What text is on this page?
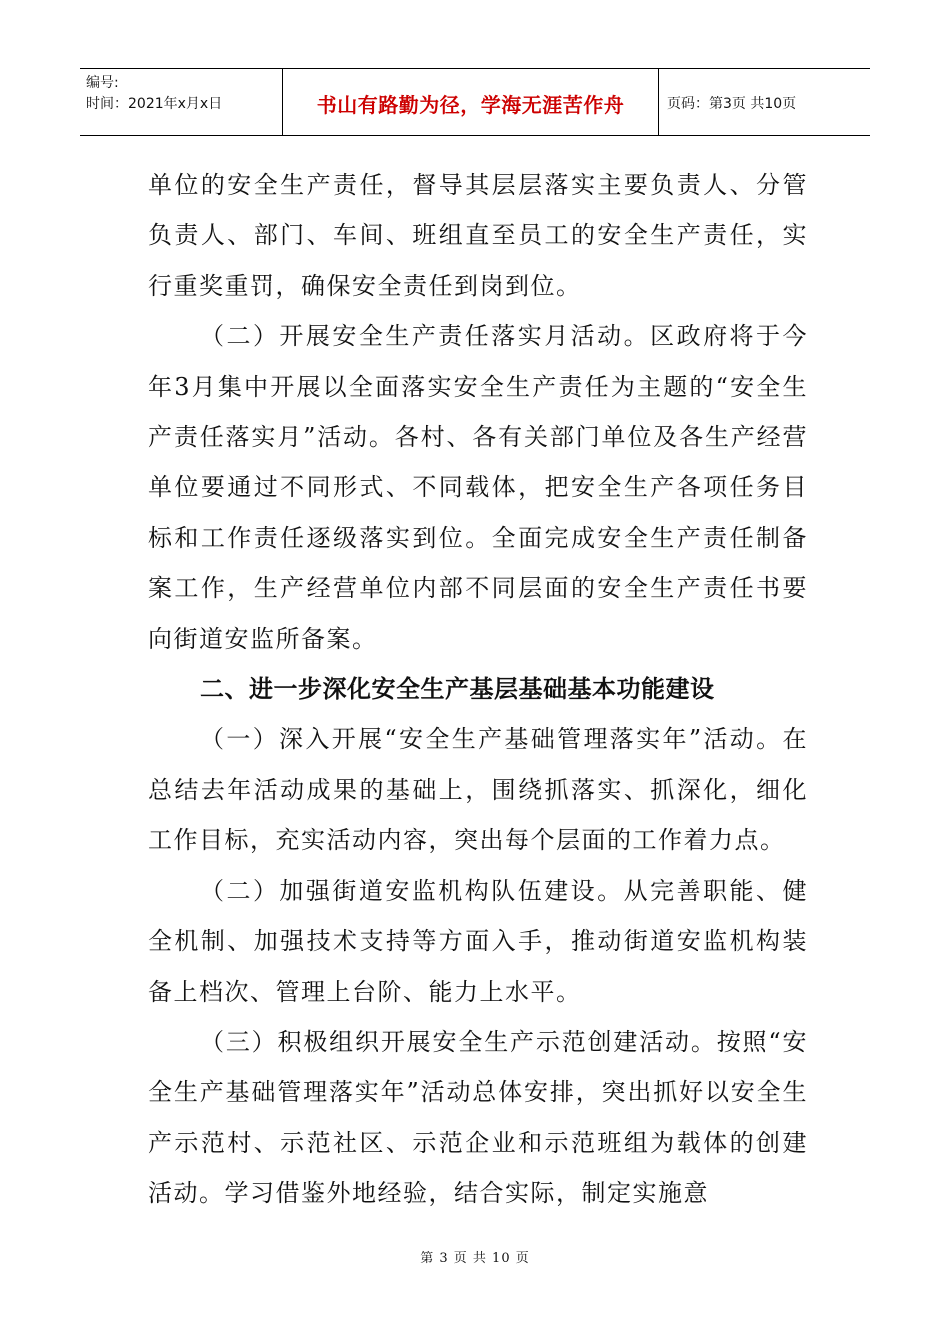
编号:
时间：2021年x月x日	书山有路勤为径，学海无涯苦作舟	页码：第3页 共10页

单位的安全生产责任，督导其层层落实主要负责人、分管负责人、部门、车间、班组直至员工的安全生产责任，实行重奖重罚，确保安全责任到岗到位。

（二）开展安全生产责任落实月活动。区政府将于今年3月集中开展以全面落实安全生产责任为主题的“安全生产责任落实月”活动。各村、各有关部门单位及各生产经营单位要通过不同形式、不同载体，把安全生产各项任务目标和工作责任逐级落实到位。全面完成安全生产责任制备案工作，生产经营单位内部不同层面的安全生产责任书要向街道安监所备案。

二、进一步深化安全生产基层基础基本功能建设

（一）深入开展“安全生产基础管理落实年”活动。在总结去年活动成果的基础上，围绕抓落实、抓深化，细化工作目标，充实活动内容，突出每个层面的工作着力点。

（二）加强街道安监机构队伍建设。从完善职能、健全机制、加强技术支持等方面入手，推动街道安监机构装备上档次、管理上台阶、能力上水平。

（三）积极组织开展安全生产示范创建活动。按照“安全生产基础管理落实年”活动总体安排，突出抓好以安全生产示范村、示范社区、示范企业和示范班组为载体的创建活动。学习借鉴外地经验，结合实际，制定实施意

第 3 页 共 10 页
